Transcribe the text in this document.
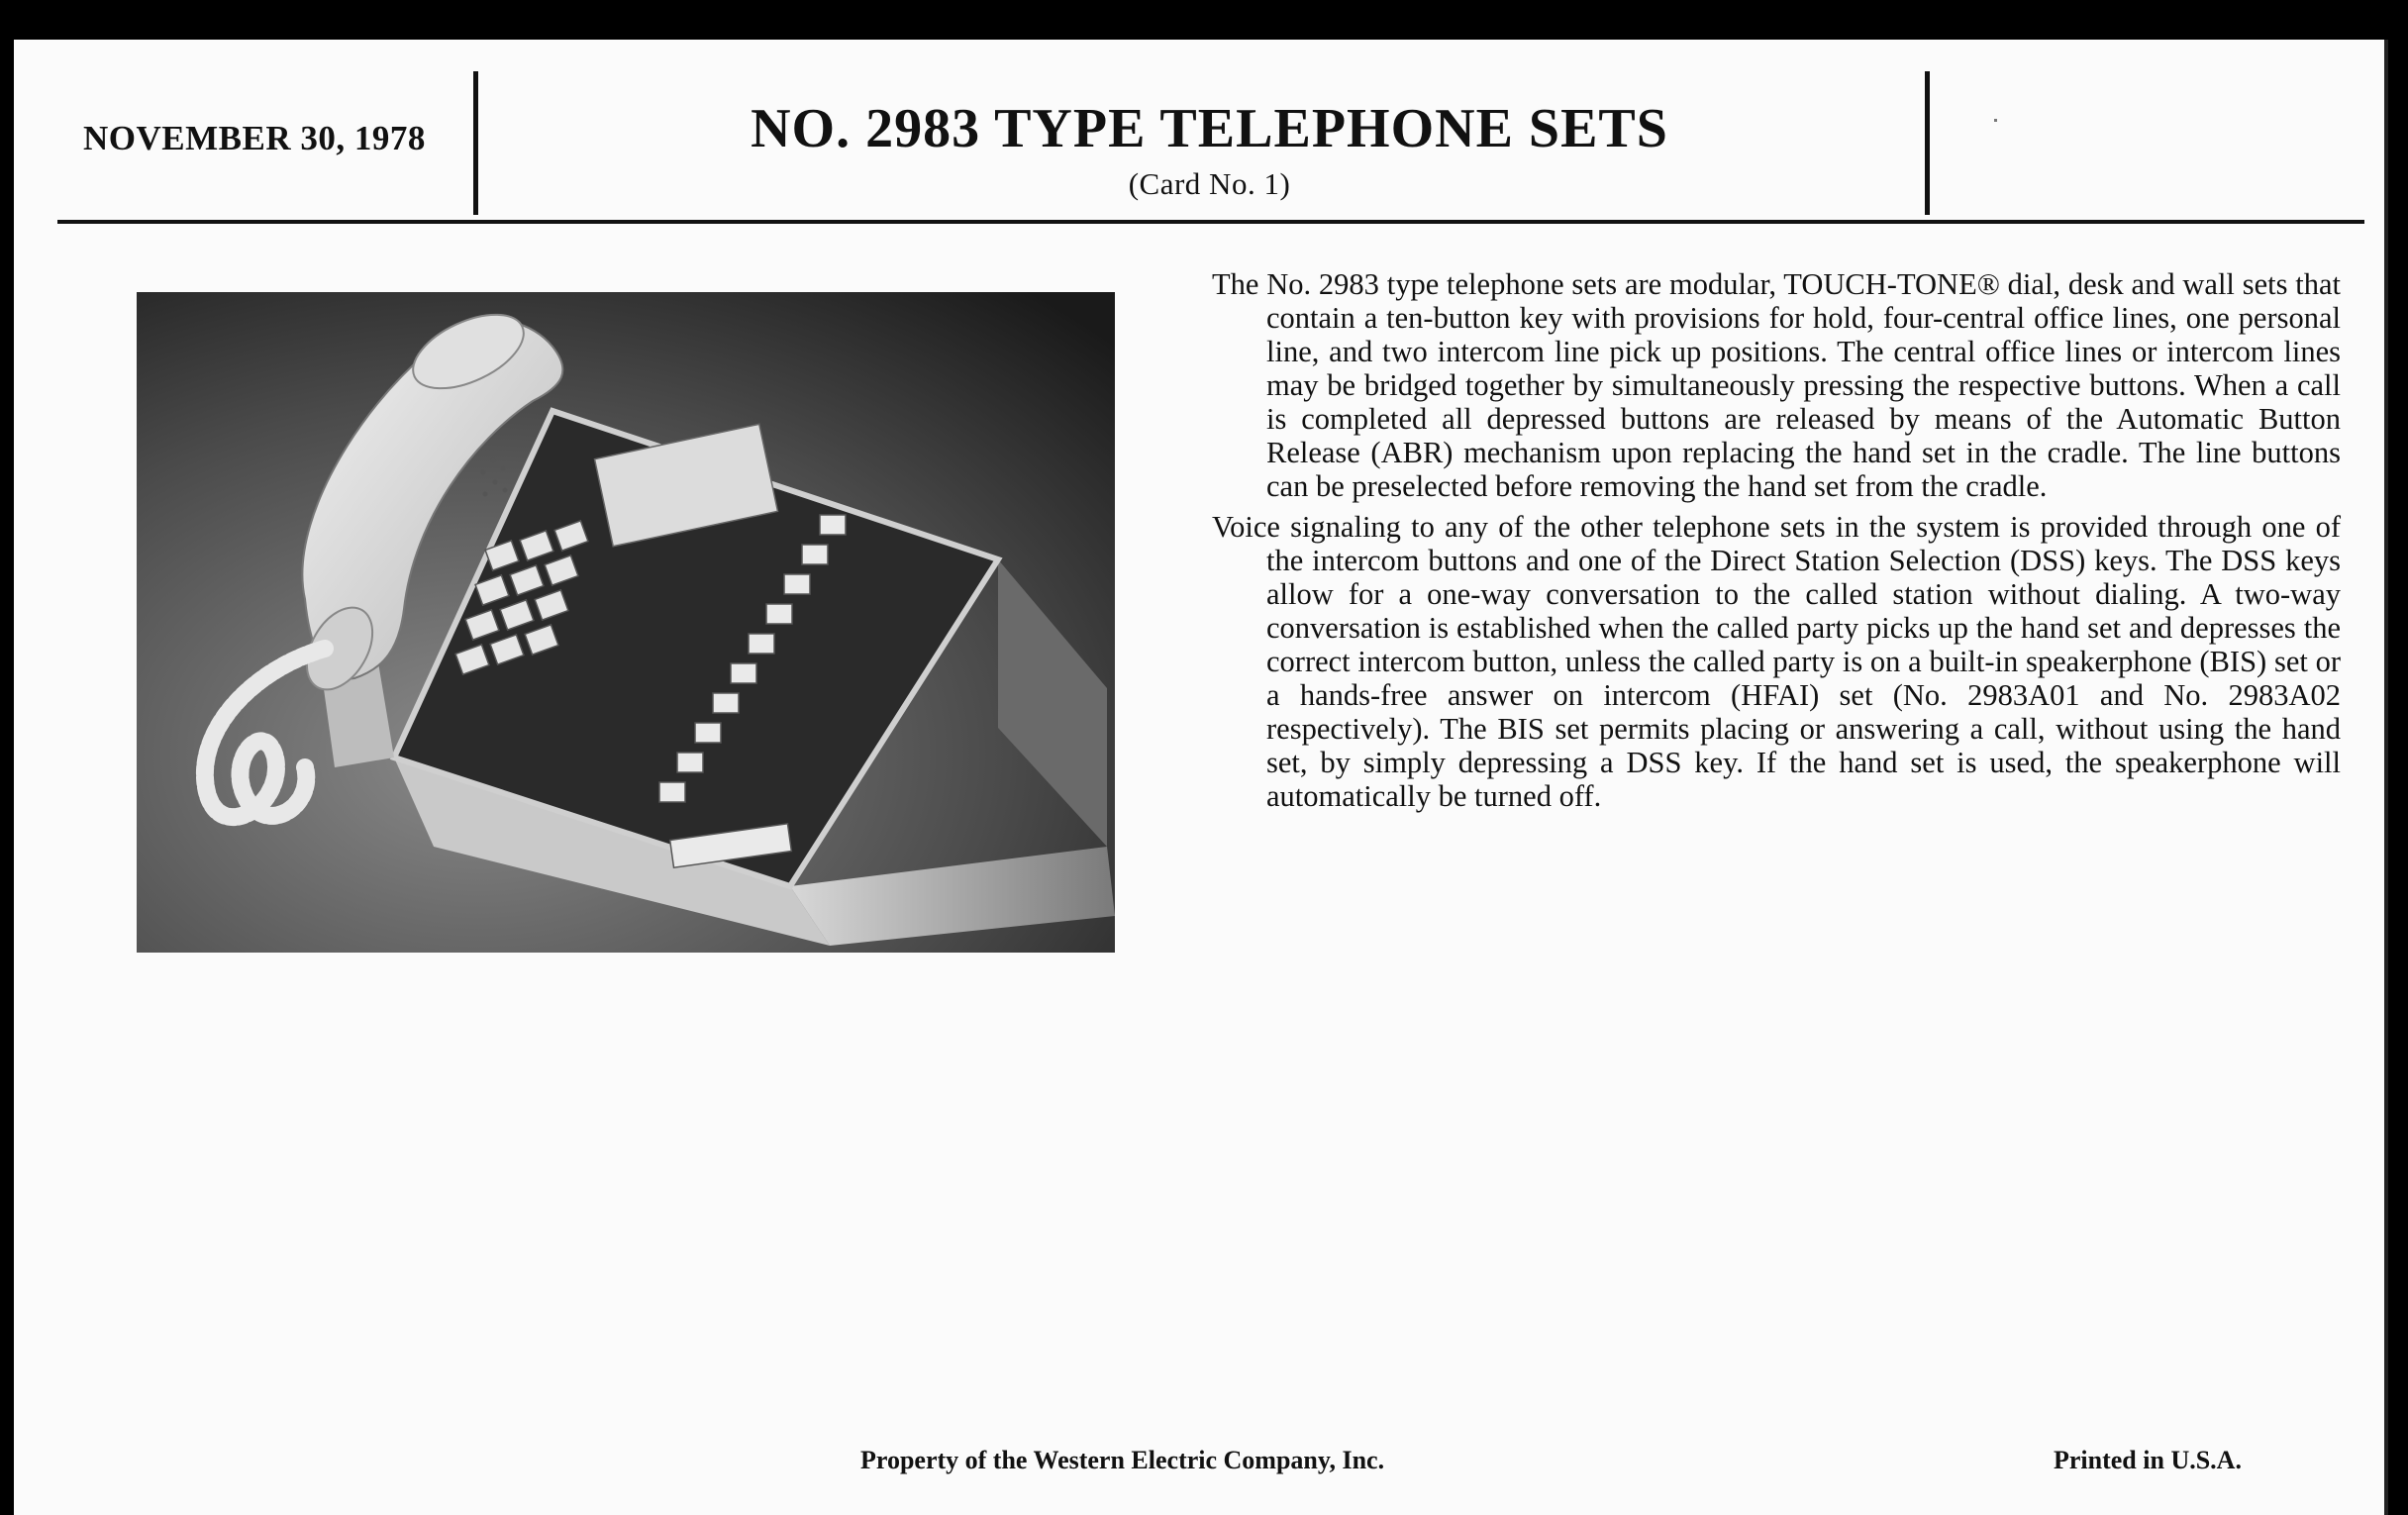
NOVEMBER 30, 1978	NO. 2983 TYPE TELEPHONE SETS
(Card No. 1)

The No. 2983 type telephone sets are modular, TOUCH-TONE® dial, desk and wall sets that contain a ten-button key with provisions for hold, four-central office lines, one personal line, and two intercom line pick up positions. The central office lines or intercom lines may be bridged together by simultaneously pressing the respective buttons. When a call is completed all depressed buttons are released by means of the Automatic Button Release (ABR) mechanism upon replacing the hand set in the cradle. The line buttons can be preselected before removing the hand set from the cradle.

Voice signaling to any of the other telephone sets in the system is provided through one of the intercom buttons and one of the Direct Station Selection (DSS) keys. The DSS keys allow for a one-way conversation to the called station without dialing. A two-way conversation is established when the called party picks up the hand set and depresses the correct intercom button, unless the called party is on a built-in speakerphone (BIS) set or a hands-free answer on intercom (HFAI) set (No. 2983A01 and No. 2983A02 respectively). The BIS set permits placing or answering a call, without using the hand set, by simply depressing a DSS key. If the hand set is used, the speakerphone will automatically be turned off.

Property of the Western Electric Company, Inc.	Printed in U.S.A.
